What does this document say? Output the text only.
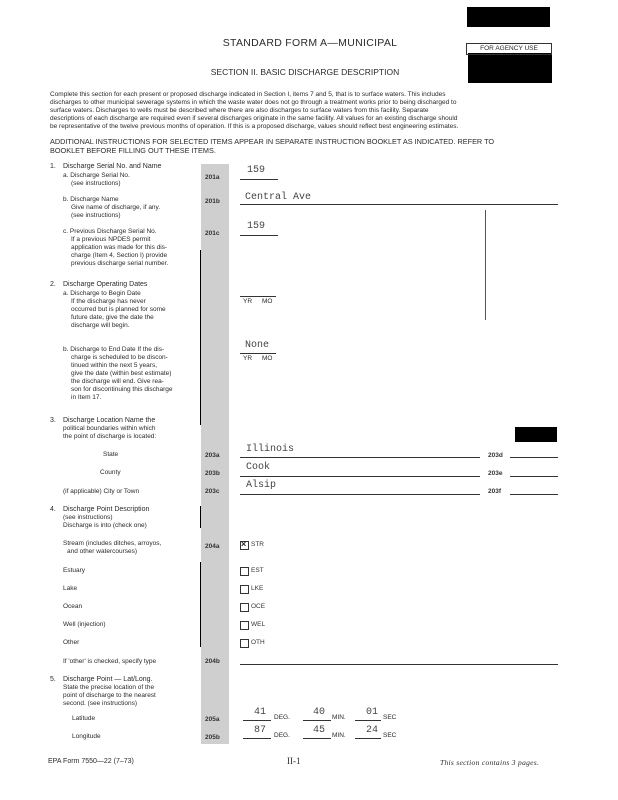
STANDARD FORM A—MUNICIPAL	FOR AGENCY USE
SECTION II. BASIC DISCHARGE DESCRIPTION
Complete this section for each present or proposed discharge indicated in Section I, items 7 and 5, that is to surface waters. This includes
discharges to other municipal sewerage systems in which the waste water does not go through a treatment works prior to being discharged to
surface waters. Discharges to wells must be described where there are also discharges to surface waters from this facility. Separate
descriptions of each discharge are required even if several discharges originate in the same facility. All values for an existing discharge should
be representative of the twelve previous months of operation. If this is a proposed discharge, values should reflect best engineering estimates.
ADDITIONAL INSTRUCTIONS FOR SELECTED ITEMS APPEAR IN SEPARATE INSTRUCTION BOOKLET AS INDICATED. REFER TO
BOOKLET BEFORE FILLING OUT THESE ITEMS.
1. Discharge Serial No. and Name
a. Discharge Serial No.
(see instructions)
201a
159
b. Discharge Name
Give name of discharge, if any.
(see instructions)
201b	Central Ave
c. Previous Discharge Serial No.
If a previous NPDES permit
application was made for this dis-
charge (Item 4, Section I) provide
previous discharge serial number.
201c
159
2. Discharge Operating Dates
a. Discharge to Begin Date
If the discharge has never
occurred but is planned for some
future date, give the date the
discharge will begin.
YR MO
b. Discharge to End Date If the dis-
charge is scheduled to be discon-
tinued within the next 5 years,
give the date (within best estimate)
the discharge will end. Give rea-
son for discontinuing this discharge
in Item 17.
None
YR MO
3. Discharge Location Name the
political boundaries within which
the point of discharge is located:
State	203a
Illinois
203d
County	203b
Cook
203e
(if applicable) City or Town	203c
Alsip
203f
4. Discharge Point Description
(see instructions)
Discharge is into (check one)
204a
Stream (includes ditches, arroyos,
and other watercourses)
× STR
Estuary	EST
Lake	LKE
Ocean	OCE
Well (injection)	WEL
Other	OTH
If 'other' is checked, specify type	204b
5. Discharge Point — Lat/Long.
State the precise location of the
point of discharge to the nearest
second. (see instructions)
Latitude	205a
41 DEG. 40 MIN. 01 SEC
Longitude	205b
87 DEG. 45 MIN. 24 SEC
EPA Form 7550—22 (7–73)	II-1	This section contains 3 pages.
